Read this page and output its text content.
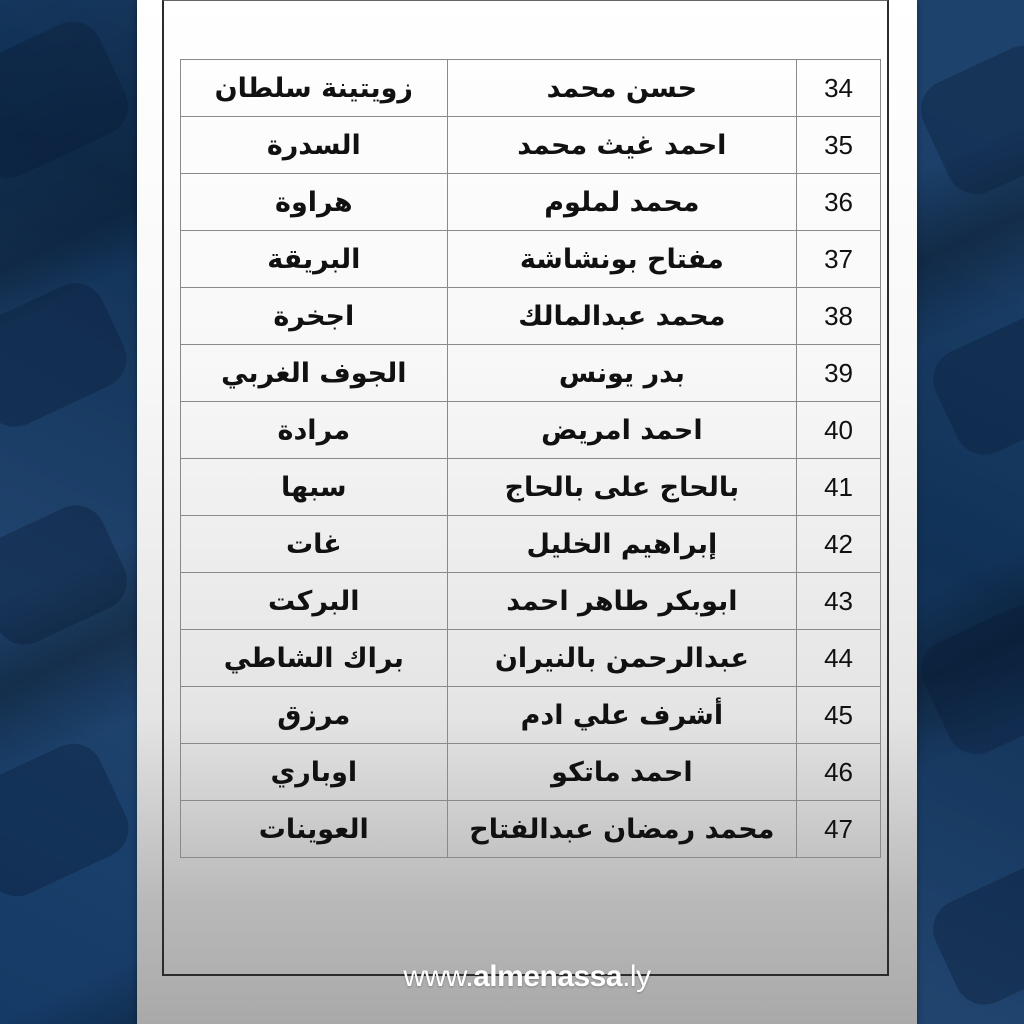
زويتينة سلطان	حسن محمد	34
السدرة	احمد غيث محمد	35
هراوة	محمد لملوم	36
البريقة	مفتاح بونشاشة	37
اجخرة	محمد عبدالمالك	38
الجوف الغربي	بدر يونس	39
مرادة	احمد امريض	40
سبها	بالحاج على بالحاج	41
غات	إبراهيم الخليل	42
البركت	ابوبكر طاهر احمد	43
براك الشاطي	عبدالرحمن بالنيران	44
مرزق	أشرف علي ادم	45
اوباري	احمد ماتكو	46
العوينات	محمد رمضان عبدالفتاح	47
www.almenassa.ly
